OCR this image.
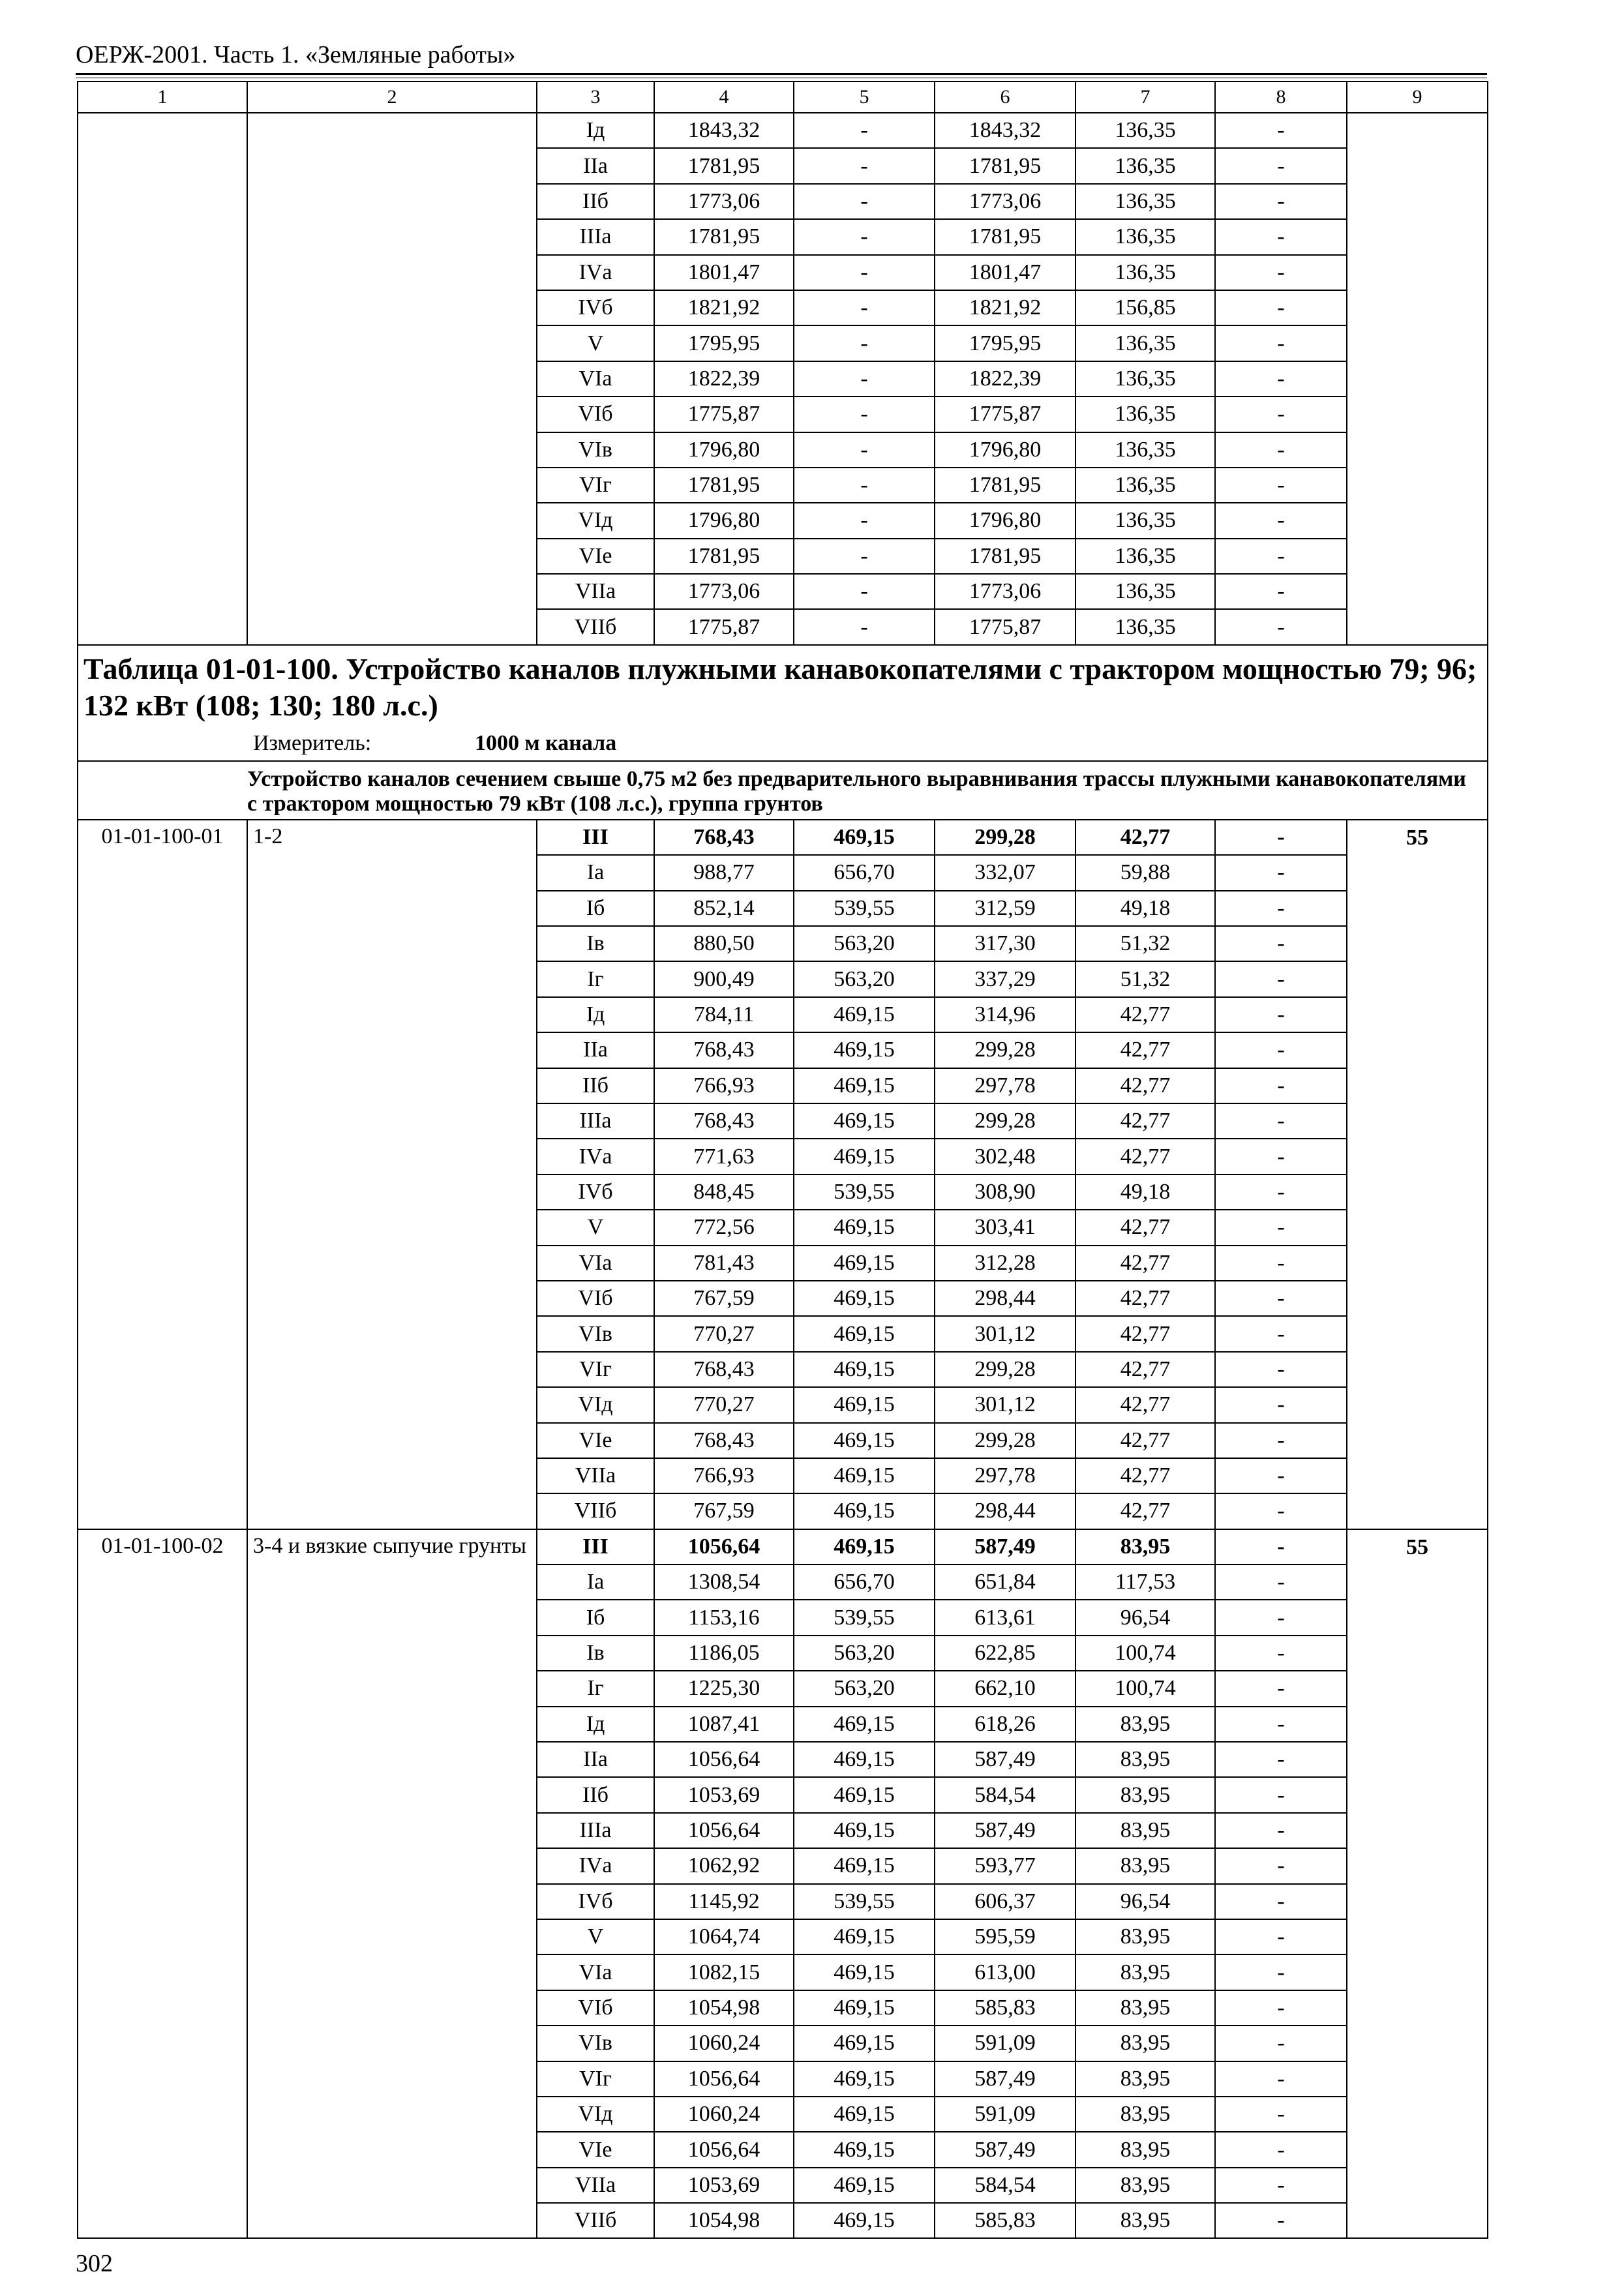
ОЕРЖ-2001. Часть 1. «Земляные работы»
1	2	3	4	5	6	7	8	9
		Iд	1843,32	-	1843,32	136,35	-	
		IIа	1781,95	-	1781,95	136,35	-	
		IIб	1773,06	-	1773,06	136,35	-	
		IIIа	1781,95	-	1781,95	136,35	-	
		IVа	1801,47	-	1801,47	136,35	-	
		IVб	1821,92	-	1821,92	156,85	-	
		V	1795,95	-	1795,95	136,35	-	
		VIа	1822,39	-	1822,39	136,35	-	
		VIб	1775,87	-	1775,87	136,35	-	
		VIв	1796,80	-	1796,80	136,35	-	
		VIг	1781,95	-	1781,95	136,35	-	
		VIд	1796,80	-	1796,80	136,35	-	
		VIе	1781,95	-	1781,95	136,35	-	
		VIIа	1773,06	-	1773,06	136,35	-	
		VIIб	1775,87	-	1775,87	136,35	-	

Таблица 01-01-100. Устройство каналов плужными канавокопателями с трактором мощностью 79; 96; 132 кВт (108; 130; 180 л.с.)
Измеритель: 1000 м канала								

	Устройство каналов сечением свыше 0,75 м2 без предварительного выравнивания трассы плужными канавокопателями с трактором мощностью 79 кВт (108 л.с.), группа грунтов							
01-01-100-01	1-2	III	768,43	469,15	299,28	42,77	-	55
		Iа	988,77	656,70	332,07	59,88	-	
		Iб	852,14	539,55	312,59	49,18	-	
		Iв	880,50	563,20	317,30	51,32	-	
		Iг	900,49	563,20	337,29	51,32	-	
		Iд	784,11	469,15	314,96	42,77	-	
		IIа	768,43	469,15	299,28	42,77	-	
		IIб	766,93	469,15	297,78	42,77	-	
		IIIа	768,43	469,15	299,28	42,77	-	
		IVа	771,63	469,15	302,48	42,77	-	
		IVб	848,45	539,55	308,90	49,18	-	
		V	772,56	469,15	303,41	42,77	-	
		VIа	781,43	469,15	312,28	42,77	-	
		VIб	767,59	469,15	298,44	42,77	-	
		VIв	770,27	469,15	301,12	42,77	-	
		VIг	768,43	469,15	299,28	42,77	-	
		VIд	770,27	469,15	301,12	42,77	-	
		VIе	768,43	469,15	299,28	42,77	-	
		VIIа	766,93	469,15	297,78	42,77	-	
		VIIб	767,59	469,15	298,44	42,77	-	
01-01-100-02	3-4 и вязкие сыпучие грунты	III	1056,64	469,15	587,49	83,95	-	55
		Iа	1308,54	656,70	651,84	117,53	-	
		Iб	1153,16	539,55	613,61	96,54	-	
		Iв	1186,05	563,20	622,85	100,74	-	
		Iг	1225,30	563,20	662,10	100,74	-	
		Iд	1087,41	469,15	618,26	83,95	-	
		IIа	1056,64	469,15	587,49	83,95	-	
		IIб	1053,69	469,15	584,54	83,95	-	
		IIIа	1056,64	469,15	587,49	83,95	-	
		IVа	1062,92	469,15	593,77	83,95	-	
		IVб	1145,92	539,55	606,37	96,54	-	
		V	1064,74	469,15	595,59	83,95	-	
		VIа	1082,15	469,15	613,00	83,95	-	
		VIб	1054,98	469,15	585,83	83,95	-	
		VIв	1060,24	469,15	591,09	83,95	-	
		VIг	1056,64	469,15	587,49	83,95	-	
		VIд	1060,24	469,15	591,09	83,95	-	
		VIе	1056,64	469,15	587,49	83,95	-	
		VIIа	1053,69	469,15	584,54	83,95	-	
		VIIб	1054,98	469,15	585,83	83,95	-	
302
